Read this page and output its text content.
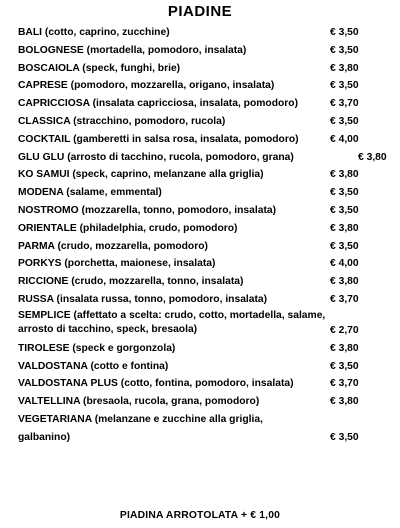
PIADINE
BALI (cotto, caprino, zucchine)	€ 3,50
BOLOGNESE (mortadella, pomodoro, insalata)	€ 3,50
BOSCAIOLA (speck, funghi, brie)	€ 3,80
CAPRESE (pomodoro, mozzarella, origano, insalata)	€ 3,50
CAPRICCIOSA (insalata capricciosa, insalata, pomodoro)	€ 3,70
CLASSICA (stracchino, pomodoro, rucola)	€ 3,50
COCKTAIL (gamberetti in salsa rosa, insalata, pomodoro)	€ 4,00
GLU GLU (arrosto di tacchino, rucola, pomodoro, grana)	€ 3,80
KO SAMUI (speck, caprino, melanzane alla griglia)	€ 3,80
MODENA (salame, emmental)	€ 3,50
NOSTROMO (mozzarella, tonno, pomodoro, insalata)	€ 3,50
ORIENTALE (philadelphia, crudo, pomodoro)	€ 3,80
PARMA (crudo, mozzarella, pomodoro)	€ 3,50
PORKYS (porchetta, maionese, insalata)	€ 4,00
RICCIONE (crudo, mozzarella, tonno, insalata)	€ 3,80
RUSSA (insalata russa, tonno, pomodoro, insalata)	€ 3,70
SEMPLICE (affettato a scelta: crudo, cotto, mortadella, salame, arrosto di tacchino, speck, bresaola)	€ 2,70
TIROLESE (speck e gorgonzola)	€ 3,80
VALDOSTANA (cotto e fontina)	€ 3,50
VALDOSTANA PLUS (cotto, fontina, pomodoro, insalata)	€ 3,70
VALTELLINA (bresaola, rucola, grana, pomodoro)	€ 3,80
VEGETARIANA (melanzane e zucchine alla griglia, galbanino)	€ 3,50
PIADINA ARROTOLATA + € 1,00
